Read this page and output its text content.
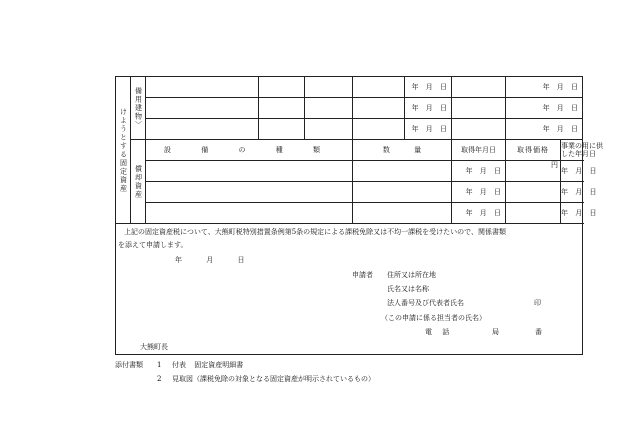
けようとする固定資産	備用建物〉					年 月 日		年 月 日	
						年 月 日		年 月 日	
						年 月 日		年 月 日	
	償却資産	設 備 の 種 類			数 量		取得年月日	取得価格	事業の用に供
した年月日

							年 月 日	円	年 月 日
							年 月 日		年 月 日
							年 月 日		年 月 日
上記の固定資産税について、大熊町税特別措置条例第5条の規定による課税免除又は不均一課税を受けたいので、関係書類
を添えて申請します。
年 月 日
申請者 住所又は所在地
氏名又は名称
法人番号及び代表者氏名	印
（この申請に係る担当者の氏名）
電 話	局	番
大熊町長
添付書類 1 付表 固定資産明細書
2 見取図（課税免除の対象となる固定資産が明示されているもの）
